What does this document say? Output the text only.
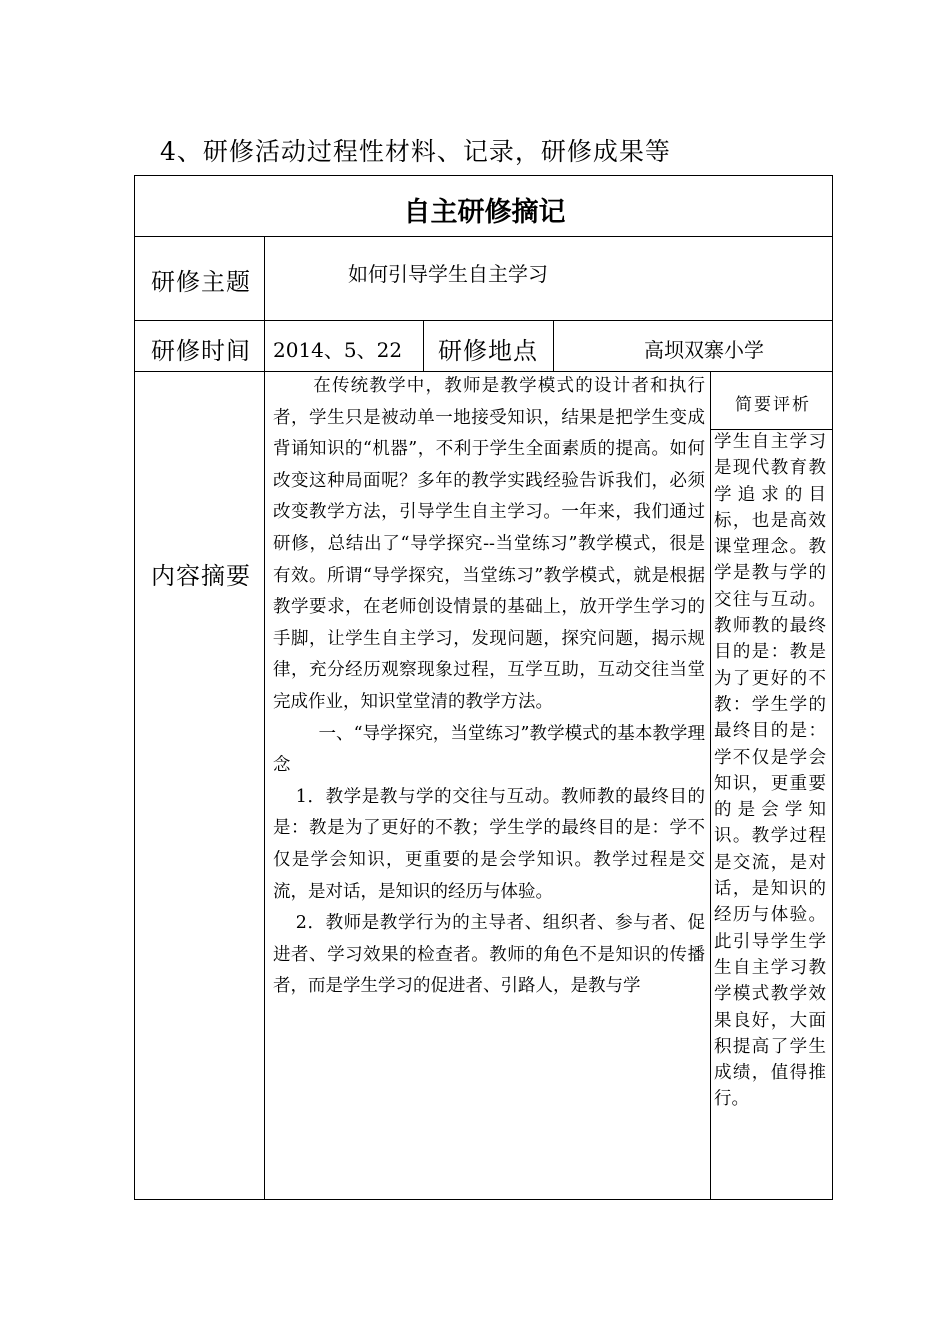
4、研修活动过程性材料、记录，研修成果等
自主研修摘记
研修主题	如何引导学生自主学习
研修时间 2014、5、22 研修地点	高坝双寨小学
内容摘要

在传统教学中，教师是教学模式的设计者和执行者，学生只是被动单一地接受知识，结果是把学生变成背诵知识的“机器”，不利于学生全面素质的提高。如何改变这种局面呢？多年的教学实践经验告诉我们，必须改变教学方法，引导学生自主学习。一年来，我们通过研修，总结出了“导学探究--当堂练习”教学模式，很是有效。所谓“导学探究，当堂练习”教学模式，就是根据教学要求，在老师创设情景的基础上，放开学生学习的手脚，让学生自主学习，发现问题，探究问题，揭示规律，充分经历观察现象过程，互学互助，互动交往当堂完成作业，知识堂堂清的教学方法。

一、“导学探究，当堂练习”教学模式的基本教学理念

1．教学是教与学的交往与互动。教师教的最终目的是：教是为了更好的不教；学生学的最终目的是：学不仅是学会知识，更重要的是会学知识。教学过程是交流，是对话，是知识的经历与体验。

2．教师是教学行为的主导者、组织者、参与者、促进者、学习效果的检查者。教师的角色不是知识的传播者，而是学生学习的促进者、引路人，是教与学

简要评析
学生自主学习是现代教育教学追求的目标，也是高效课堂理念。教学是教与学的交往与互动。教师教的最终目的是：教是为了更好的不教：学生学的最终目的是：学不仅是学会知识，更重要的是会学知识。教学过程是交流，是对话，是知识的经历与体验。此引导学生学生自主学习教学模式教学效果良好，大面积提高了学生成绩，值得推行。
